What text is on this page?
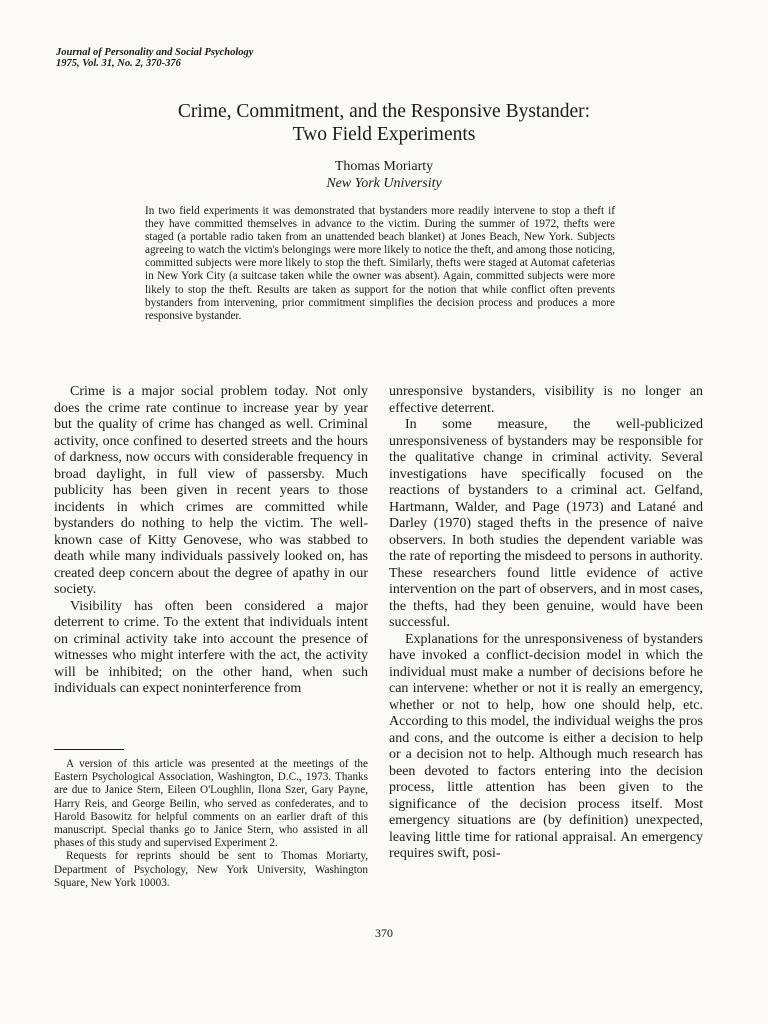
Journal of Personality and Social Psychology
1975, Vol. 31, No. 2, 370-376
Crime, Commitment, and the Responsive Bystander:
Two Field Experiments
Thomas Moriarty
New York University

In two field experiments it was demonstrated that bystanders more readily intervene to stop a theft if they have committed themselves in advance to the victim. During the summer of 1972, thefts were staged (a portable radio taken from an unattended beach blanket) at Jones Beach, New York. Subjects agreeing to watch the victim's belongings were more likely to notice the theft, and among those noticing, committed subjects were more likely to stop the theft. Similarly, thefts were staged at Automat cafeterias in New York City (a suitcase taken while the owner was absent). Again, committed subjects were more likely to stop the theft. Results are taken as support for the notion that while conflict often prevents bystanders from intervening, prior commitment simplifies the decision process and produces a more responsive bystander.

Crime is a major social problem today. Not only does the crime rate continue to increase year by year but the quality of crime has changed as well. Criminal activity, once confined to deserted streets and the hours of darkness, now occurs with considerable frequency in broad daylight, in full view of passersby. Much publicity has been given in recent years to those incidents in which crimes are committed while bystanders do nothing to help the victim. The well-known case of Kitty Genovese, who was stabbed to death while many individuals passively looked on, has created deep concern about the degree of apathy in our society.

Visibility has often been considered a major deterrent to crime. To the extent that individuals intent on criminal activity take into account the presence of witnesses who might interfere with the act, the activity will be inhibited; on the other hand, when such individuals can expect noninterference from

A version of this article was presented at the meetings of the Eastern Psychological Association, Washington, D.C., 1973. Thanks are due to Janice Stern, Eileen O'Loughlin, Ilona Szer, Gary Payne, Harry Reis, and George Beilin, who served as confederates, and to Harold Basowitz for helpful comments on an earlier draft of this manuscript. Special thanks go to Janice Stern, who assisted in all phases of this study and supervised Experiment 2.

Requests for reprints should be sent to Thomas Moriarty, Department of Psychology, New York University, Washington Square, New York 10003.

unresponsive bystanders, visibility is no longer an effective deterrent.

In some measure, the well-publicized unresponsiveness of bystanders may be responsible for the qualitative change in criminal activity. Several investigations have specifically focused on the reactions of bystanders to a criminal act. Gelfand, Hartmann, Walder, and Page (1973) and Latané and Darley (1970) staged thefts in the presence of naive observers. In both studies the dependent variable was the rate of reporting the misdeed to persons in authority. These researchers found little evidence of active intervention on the part of observers, and in most cases, the thefts, had they been genuine, would have been successful.

Explanations for the unresponsiveness of bystanders have invoked a conflict-decision model in which the individual must make a number of decisions before he can intervene: whether or not it is really an emergency, whether or not to help, how one should help, etc. According to this model, the individual weighs the pros and cons, and the outcome is either a decision to help or a decision not to help. Although much research has been devoted to factors entering into the decision process, little attention has been given to the significance of the decision process itself. Most emergency situations are (by definition) unexpected, leaving little time for rational appraisal. An emergency requires swift, posi-

370
